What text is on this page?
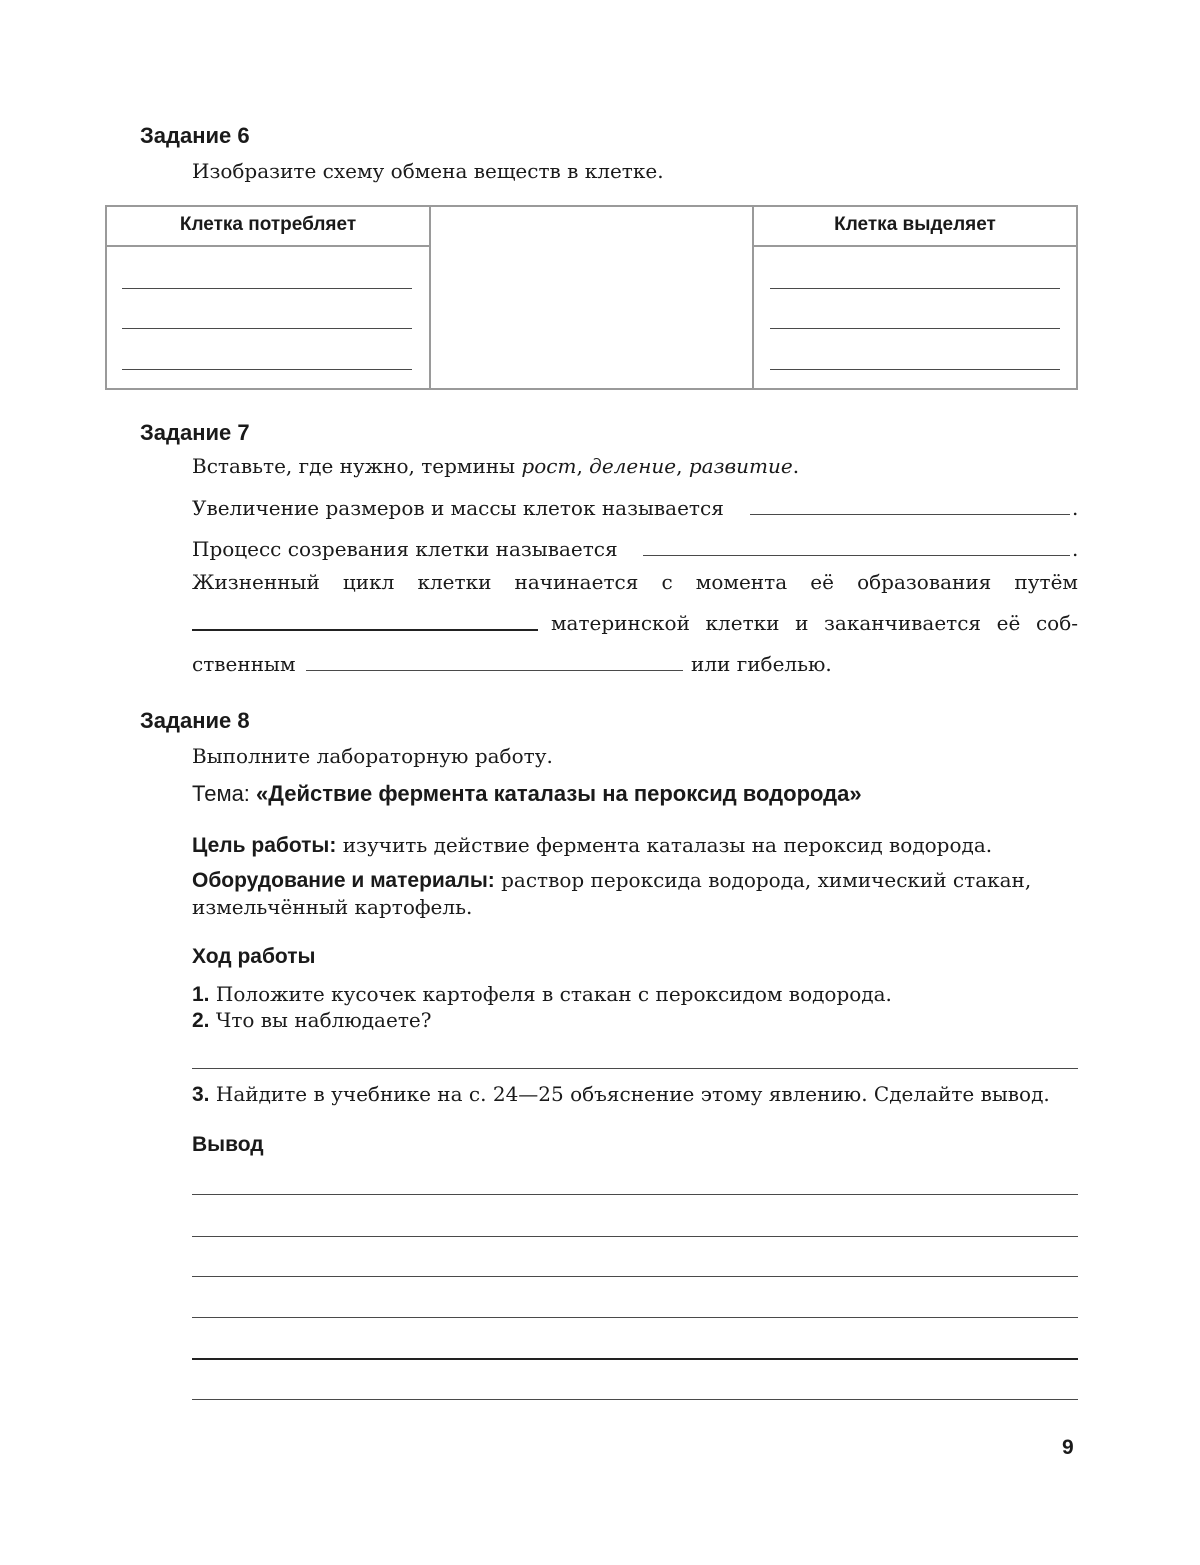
Задание 6
Изобразите схему обмена веществ в клетке.
Клетка потребляет	Клетка выделяет
Задание 7
Вставьте, где нужно, термины рост, деление, развитие.
Увеличение размеров и массы клеток называется	.
Процесс созревания клетки называется	.
Жизненный цикл клетки начинается с момента её образования путём
материнской клетки и заканчивается её соб-
ственным	или гибелью.
Задание 8
Выполните лабораторную работу.
Тема: «Действие фермента каталазы на пероксид водорода»
Цель работы: изучить действие фермента каталазы на пероксид водорода.
Оборудование и материалы: раствор пероксида водорода, химический стакан,
измельчённый картофель.
Ход работы
1. Положите кусочек картофеля в стакан с пероксидом водорода.
2. Что вы наблюдаете?
3. Найдите в учебнике на с. 24—25 объяснение этому явлению. Сделайте вывод.
Вывод
9
